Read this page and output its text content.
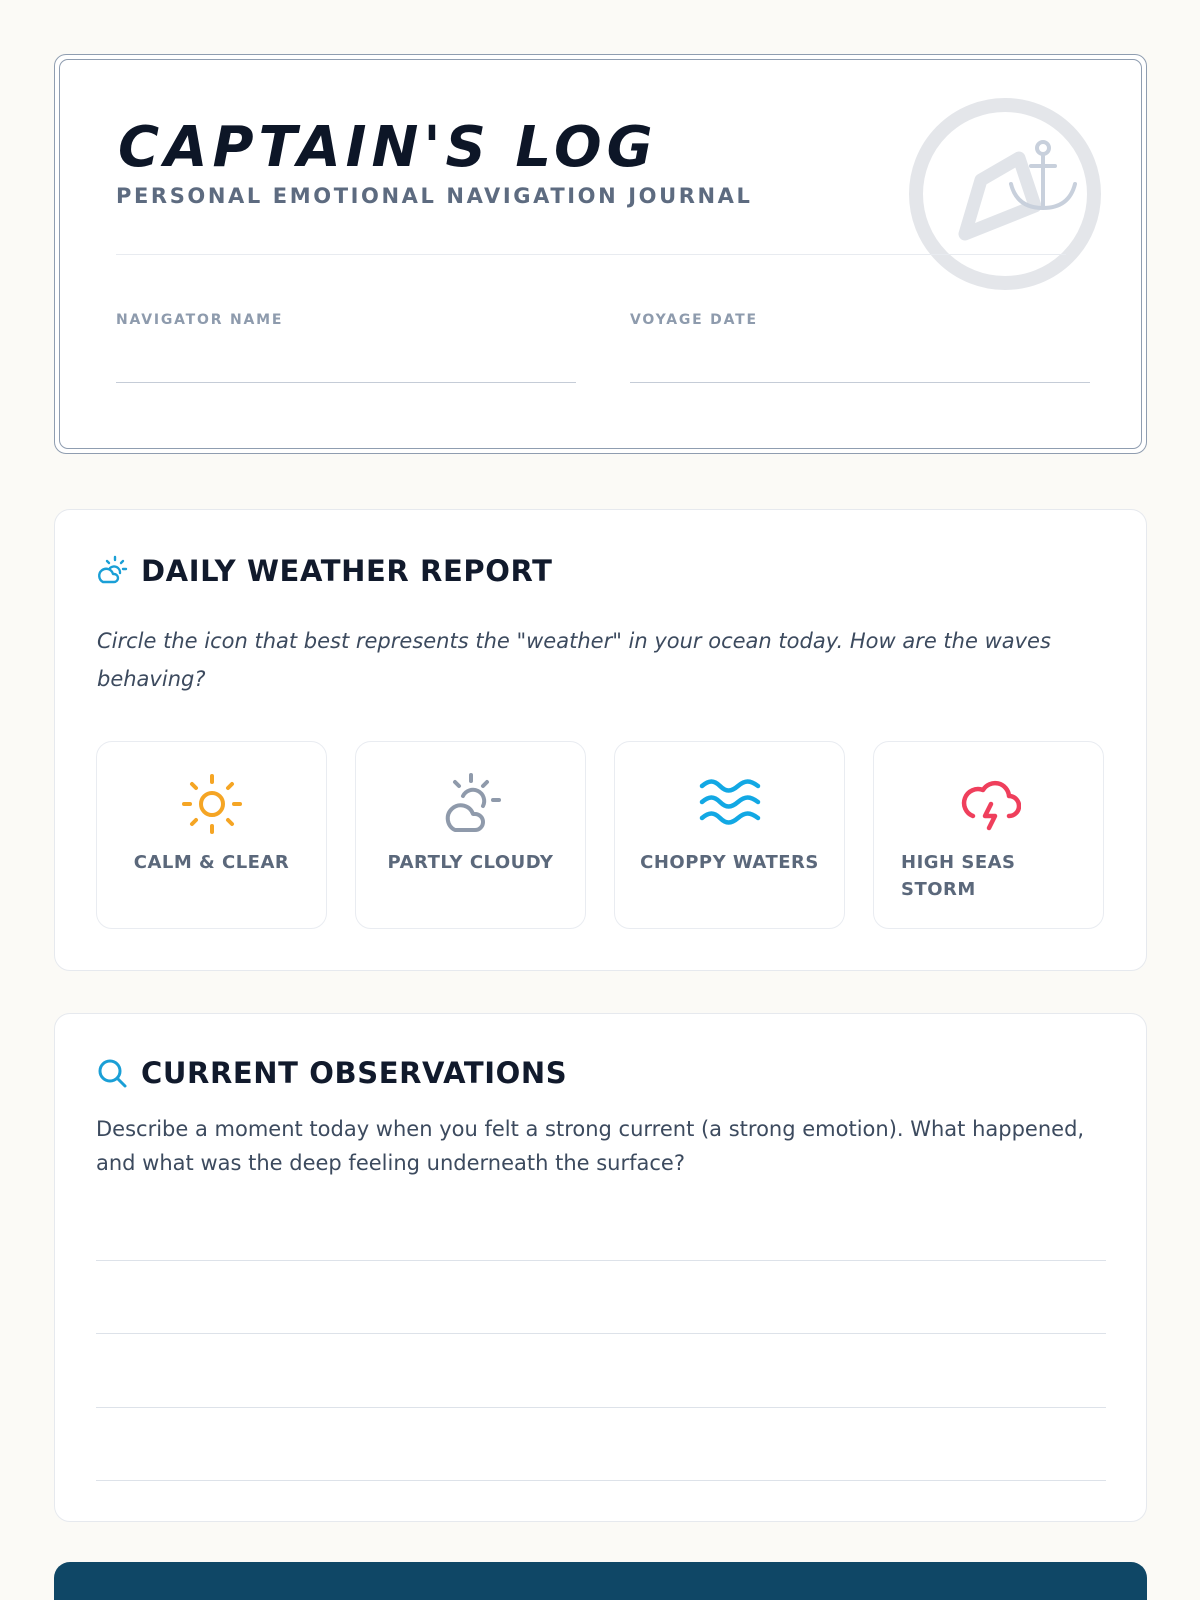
CAPTAIN'S LOG
PERSONAL EMOTIONAL NAVIGATION JOURNAL
NAVIGATOR NAME	VOYAGE DATE
DAILY WEATHER REPORT
Circle the icon that best represents the "weather" in your ocean today. How are the waves behaving?
CALM & CLEAR	PARTLY CLOUDY	CHOPPY WATERS	HIGH SEAS STORM
CURRENT OBSERVATIONS
Describe a moment today when you felt a strong current (a strong emotion). What happened, and what was the deep feeling underneath the surface?
